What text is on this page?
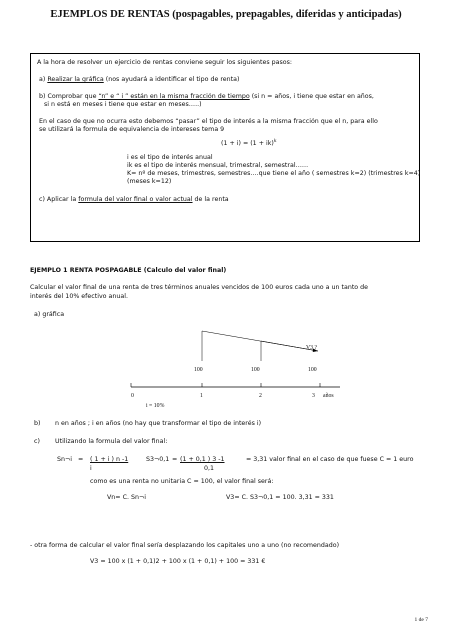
EJEMPLOS DE RENTAS (pospagables, prepagables, diferidas y anticipadas)
A la hora de resolver un ejercicio de rentas conviene seguir los siguientes pasos:
a) Realizar la gráfica (nos ayudará a identificar el tipo de renta)
b) Comprobar que “n” e “ i ” están en la misma fracción de tiempo (si n = años, i tiene que estar en años,
si n está en meses i tiene que estar en meses…..)
En el caso de que no ocurra esto debemos “pasar” el tipo de interés a la misma fracción que el n, para ello
se utilizará la formula de equivalencia de intereses tema 9
(1 + i) = (1 + ik)$^k$
i es el tipo de interés anual
ik es el tipo de interés mensual, trimestral, semestral……
K= nº de meses, trimestres, semestres….que tiene el año ( semestres k=2) (trimestres k=4)
(meses k=12)
c) Aplicar la formula del valor final o valor actual de la renta
EJEMPLO 1 RENTA POSPAGABLE (Calculo del valor final)
Calcular el valor final de una renta de tres términos anuales vencidos de 100 euros cada uno a un tanto de
interés del 10% efectivo anual.
a) gráfica
V3 ?
100	100	100
0	1	2	3 años
i = 10%
b) n en años ; i en años (no hay que transformar el tipo de interés i)
c) Utilizando la formula del valor final:
Sn¬i = ( 1 + i ) n -1
i
S3¬0,1 = (1 + 0,1 ) 3 -1
0,1
= 3,31 valor final en el caso de que fuese C = 1 euro
como es una renta no unitaria C = 100, el valor final será:
Vn= C. Sn¬i	V3= C. S3¬0,1 = 100. 3,31 = 331
- otra forma de calcular el valor final sería desplazando los capitales uno a uno (no recomendado)
V3 = 100 x (1 + 0,1)2 + 100 x (1 + 0,1) + 100 = 331 €
1 de 7
